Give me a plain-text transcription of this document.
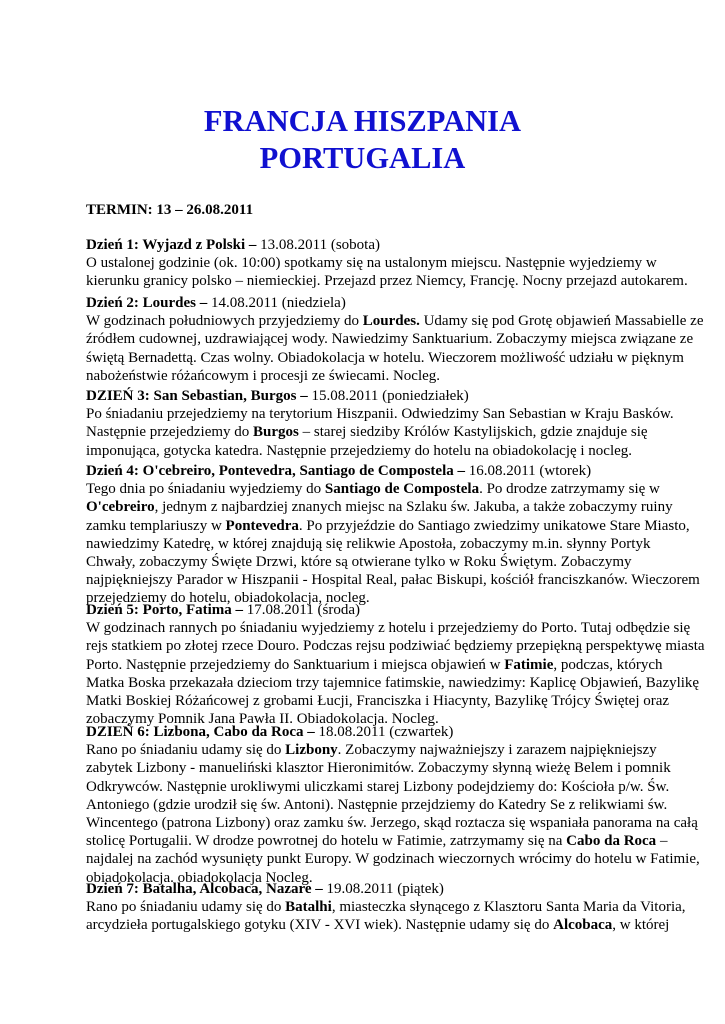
FRANCJA HISZPANIA
PORTUGALIA
TERMIN: 13 – 26.08.2011

Dzień 1: Wyjazd z Polski – 13.08.2011 (sobota)

O ustalonej godzinie (ok. 10:00) spotkamy się na ustalonym miejscu. Następnie wyjedziemy w

kierunku granicy polsko – niemieckiej. Przejazd przez Niemcy, Francję. Nocny przejazd autokarem.

Dzień 2: Lourdes – 14.08.2011 (niedziela)

W godzinach południowych przyjedziemy do Lourdes. Udamy się pod Grotę objawień Massabielle ze

źródłem cudownej, uzdrawiającej wody. Nawiedzimy Sanktuarium. Zobaczymy miejsca związane ze

świętą Bernadettą. Czas wolny. Obiadokolacja w hotelu. Wieczorem możliwość udziału w pięknym

nabożeństwie różańcowym i procesji ze świecami. Nocleg.

DZIEŃ 3: San Sebastian, Burgos – 15.08.2011 (poniedziałek)

Po śniadaniu przejedziemy na terytorium Hiszpanii. Odwiedzimy San Sebastian w Kraju Basków.

Następnie przejedziemy do Burgos – starej siedziby Królów Kastylijskich, gdzie znajduje się

imponująca, gotycka katedra. Następnie przejedziemy do hotelu na obiadokolację i nocleg.

Dzień 4: O'cebreiro, Pontevedra, Santiago de Compostela – 16.08.2011 (wtorek)

Tego dnia po śniadaniu wyjedziemy do Santiago de Compostela. Po drodze zatrzymamy się w

O'cebreiro, jednym z najbardziej znanych miejsc na Szlaku św. Jakuba, a także zobaczymy ruiny

zamku templariuszy w Pontevedra. Po przyjeździe do Santiago zwiedzimy unikatowe Stare Miasto,

nawiedzimy Katedrę, w której znajdują się relikwie Apostoła, zobaczymy m.in. słynny Portyk

Chwały, zobaczymy Święte Drzwi, które są otwierane tylko w Roku Świętym. Zobaczymy

najpiękniejszy Parador w Hiszpanii - Hospital Real, pałac Biskupi, kościół franciszkanów. Wieczorem

przejedziemy do hotelu, obiadokolacja, nocleg.

Dzień 5: Porto, Fatima – 17.08.2011 (środa)

W godzinach rannych po śniadaniu wyjedziemy z hotelu i przejedziemy do Porto. Tutaj odbędzie się

rejs statkiem po złotej rzece Douro. Podczas rejsu podziwiać będziemy przepiękną perspektywę miasta

Porto. Następnie przejedziemy do Sanktuarium i miejsca objawień w Fatimie, podczas, których

Matka Boska przekazała dzieciom trzy tajemnice fatimskie, nawiedzimy: Kaplicę Objawień, Bazylikę

Matki Boskiej Różańcowej z grobami Łucji, Franciszka i Hiacynty, Bazylikę Trójcy Świętej oraz

zobaczymy Pomnik Jana Pawła II. Obiadokolacja. Nocleg.

DZIEŃ 6: Lizbona, Cabo da Roca – 18.08.2011 (czwartek)

Rano po śniadaniu udamy się do Lizbony. Zobaczymy najważniejszy i zarazem najpiękniejszy

zabytek Lizbony - manueliński klasztor Hieronimitów. Zobaczymy słynną wieżę Belem i pomnik

Odkrywców. Następnie urokliwymi uliczkami starej Lizbony podejdziemy do: Kościoła p/w. Św.

Antoniego (gdzie urodził się św. Antoni). Następnie przejdziemy do Katedry Se z relikwiami św.

Wincentego (patrona Lizbony) oraz zamku św. Jerzego, skąd roztacza się wspaniała panorama na całą

stolicę Portugalii. W drodze powrotnej do hotelu w Fatimie, zatrzymamy się na Cabo da Roca –

najdalej na zachód wysunięty punkt Europy. W godzinach wieczornych wrócimy do hotelu w Fatimie,

obiadokolacja. obiadokolacja Nocleg.

Dzień 7: Batalha, Alcobaca, Nazare – 19.08.2011 (piątek)

Rano po śniadaniu udamy się do Batalhi, miasteczka słynącego z Klasztoru Santa Maria da Vitoria,

arcydzieła portugalskiego gotyku (XIV - XVI wiek). Następnie udamy się do Alcobaca, w której
